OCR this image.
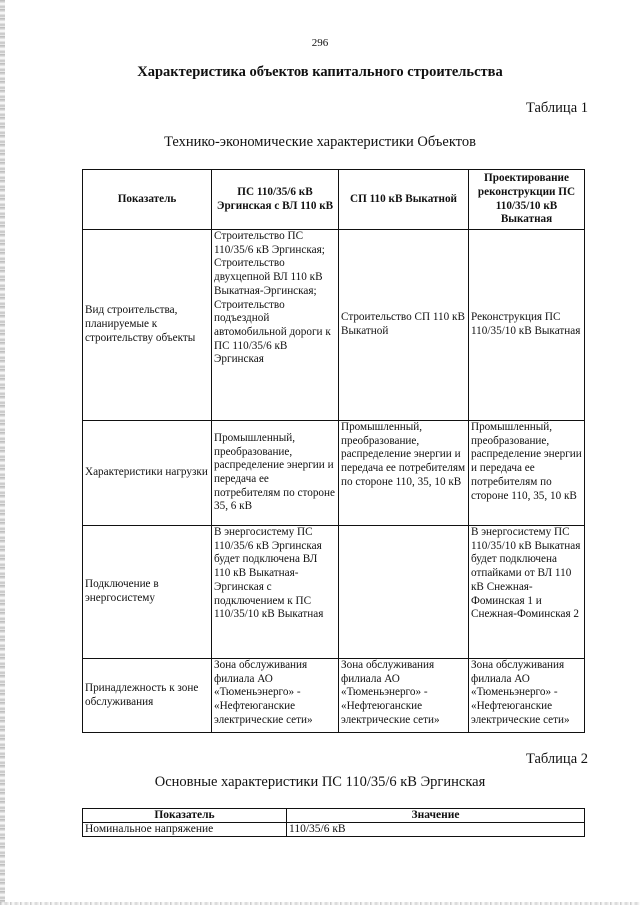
296
Характеристика объектов капитального строительства
Таблица 1
Технико-экономические характеристики Объектов
Показатель	ПС 110/35/6 кВ Эргинская с ВЛ 110 кВ	СП 110 кВ Выкатной	Проектирование реконструкции ПС 110/35/10 кВ Выкатная
Вид строительства, планируемые к строительству объекты	Строительство ПС 110/35/6 кВ Эргинская; Строительство двухцепной ВЛ 110 кВ Выкатная-Эргинская; Строительство подъездной автомобильной дороги к ПС 110/35/6 кВ Эргинская	Строительство СП 110 кВ Выкатной	Реконструкция ПС 110/35/10 кВ Выкатная
Характеристики нагрузки	Промышленный, преобразование, распределение энергии и передача ее потребителям по стороне 35, 6 кВ	Промышленный, преобразование, распределение энергии и передача ее потребителям по стороне 110, 35, 10 кВ	Промышленный, преобразование, распределение энергии и передача ее потребителям по стороне 110, 35, 10 кВ
Подключение в энергосистему	В энергосистему ПС 110/35/6 кВ Эргинская будет подключена ВЛ 110 кВ Выкатная-Эргинская с подключением к ПС 110/35/10 кВ Выкатная		В энергосистему ПС 110/35/10 кВ Выкатная будет подключена отпайками от ВЛ 110 кВ Снежная-Фоминская 1 и Снежная-Фоминская 2
Принадлежность к зоне обслуживания	Зона обслуживания филиала АО «Тюменьэнерго» - «Нефтеюганские электрические сети»	Зона обслуживания филиала АО «Тюменьэнерго» - «Нефтеюганские электрические сети»	Зона обслуживания филиала АО «Тюменьэнерго» - «Нефтеюганские электрические сети»
Таблица 2
Основные характеристики ПС 110/35/6 кВ Эргинская
Показатель	Значение
Номинальное напряжение	110/35/6 кВ
